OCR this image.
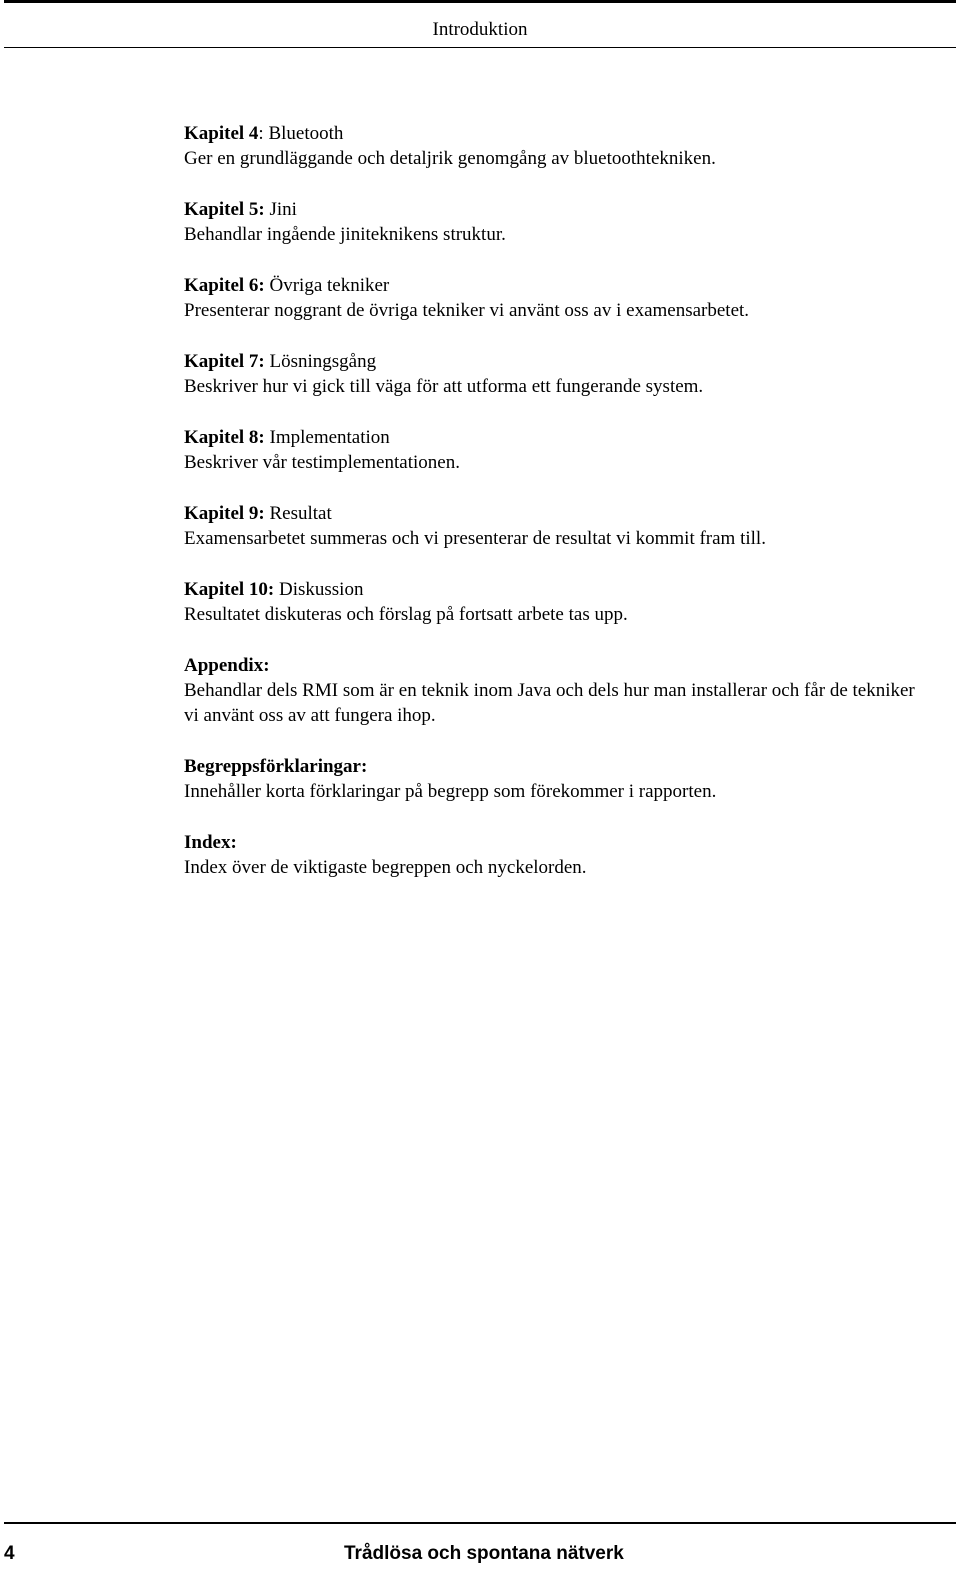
Introduktion
Kapitel 4: Bluetooth
Ger en grundläggande och detaljrik genomgång av bluetoothtekniken.
Kapitel 5: Jini
Behandlar ingående jiniteknikens struktur.
Kapitel 6: Övriga tekniker
Presenterar noggrant de övriga tekniker vi använt oss av i examensarbetet.
Kapitel 7: Lösningsgång
Beskriver hur vi gick till väga för att utforma ett fungerande system.
Kapitel 8: Implementation
Beskriver vår testimplementationen.
Kapitel 9: Resultat
Examensarbetet summeras och vi presenterar de resultat vi kommit fram till.
Kapitel 10: Diskussion
Resultatet diskuteras och förslag på fortsatt arbete tas upp.
Appendix:
Behandlar dels RMI som är en teknik inom Java och dels hur man installerar och får de tekniker vi använt oss av att fungera ihop.
Begreppsförklaringar:
Innehåller korta förklaringar på begrepp som förekommer i rapporten.
Index:
Index över de viktigaste begreppen och nyckelorden.
4	Trådlösa och spontana nätverk
